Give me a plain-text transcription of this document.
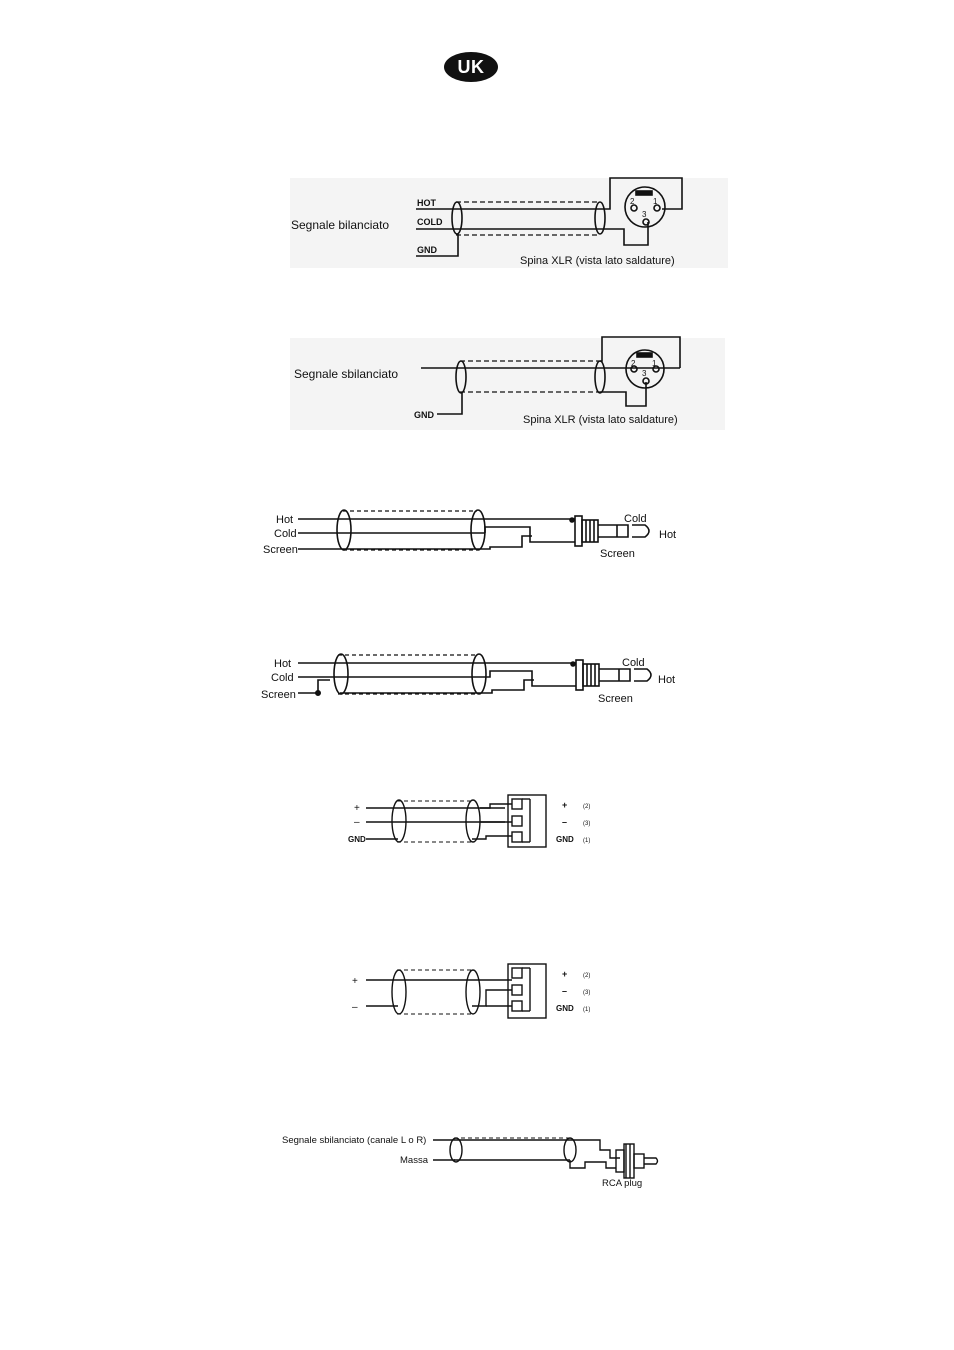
UK
Segnale bilanciato
HOT
COLD
GND
Spina XLR (vista lato saldature)
2 1
3
Segnale sbilanciato
GND	Spina XLR (vista lato saldature)
2 1
3
Hot
Cold
Screen
Cold
Hot
Screen
Hot
Cold
Screen
Cold
Hot
Screen
+
–
GND
+
–
GND
(2)
(3)
(1)
+
–
+
–
GND
(2)
(3)
(1)
Segnale sbilanciato (canale L o R)
Massa
RCA plug
